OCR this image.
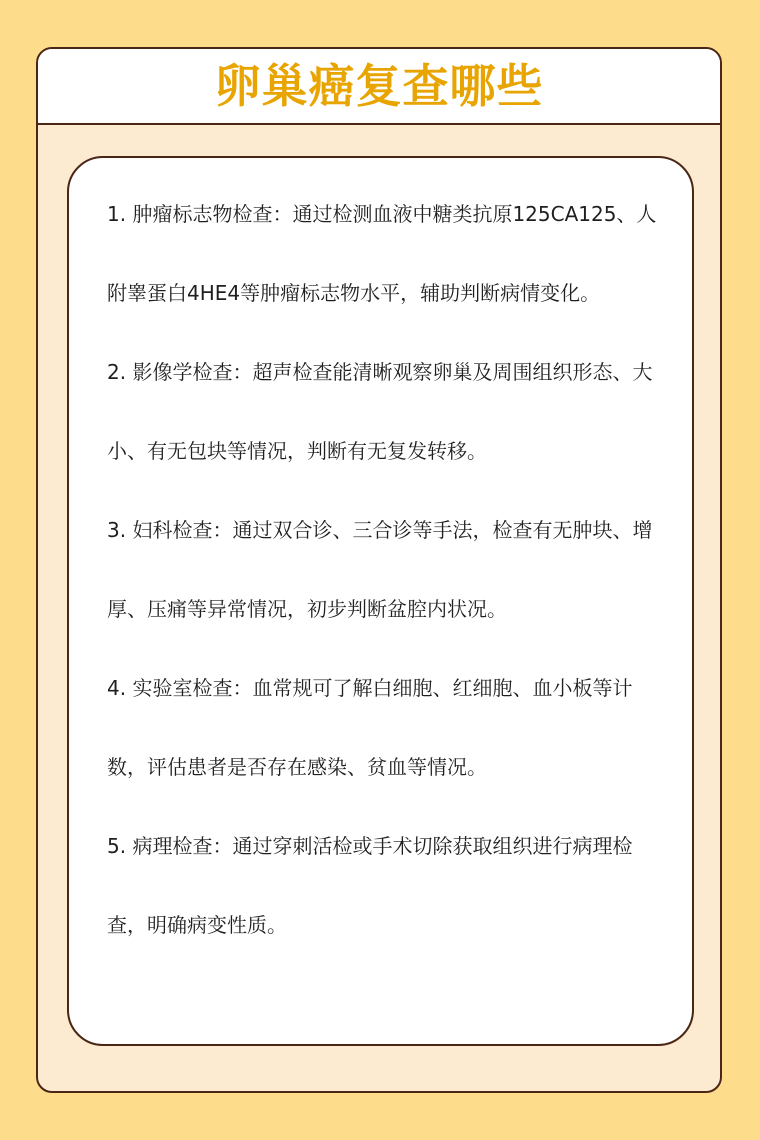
卵巢癌复查哪些
1. 肿瘤标志物检查：通过检测血液中糖类抗原125CA125、人附睾蛋白4HE4等肿瘤标志物水平，辅助判断病情变化。
2. 影像学检查：超声检查能清晰观察卵巢及周围组织形态、大小、有无包块等情况，判断有无复发转移。
3. 妇科检查：通过双合诊、三合诊等手法，检查有无肿块、增厚、压痛等异常情况，初步判断盆腔内状况。
4. 实验室检查：血常规可了解白细胞、红细胞、血小板等计数，评估患者是否存在感染、贫血等情况。
5. 病理检查：通过穿刺活检或手术切除获取组织进行病理检查，明确病变性质。
